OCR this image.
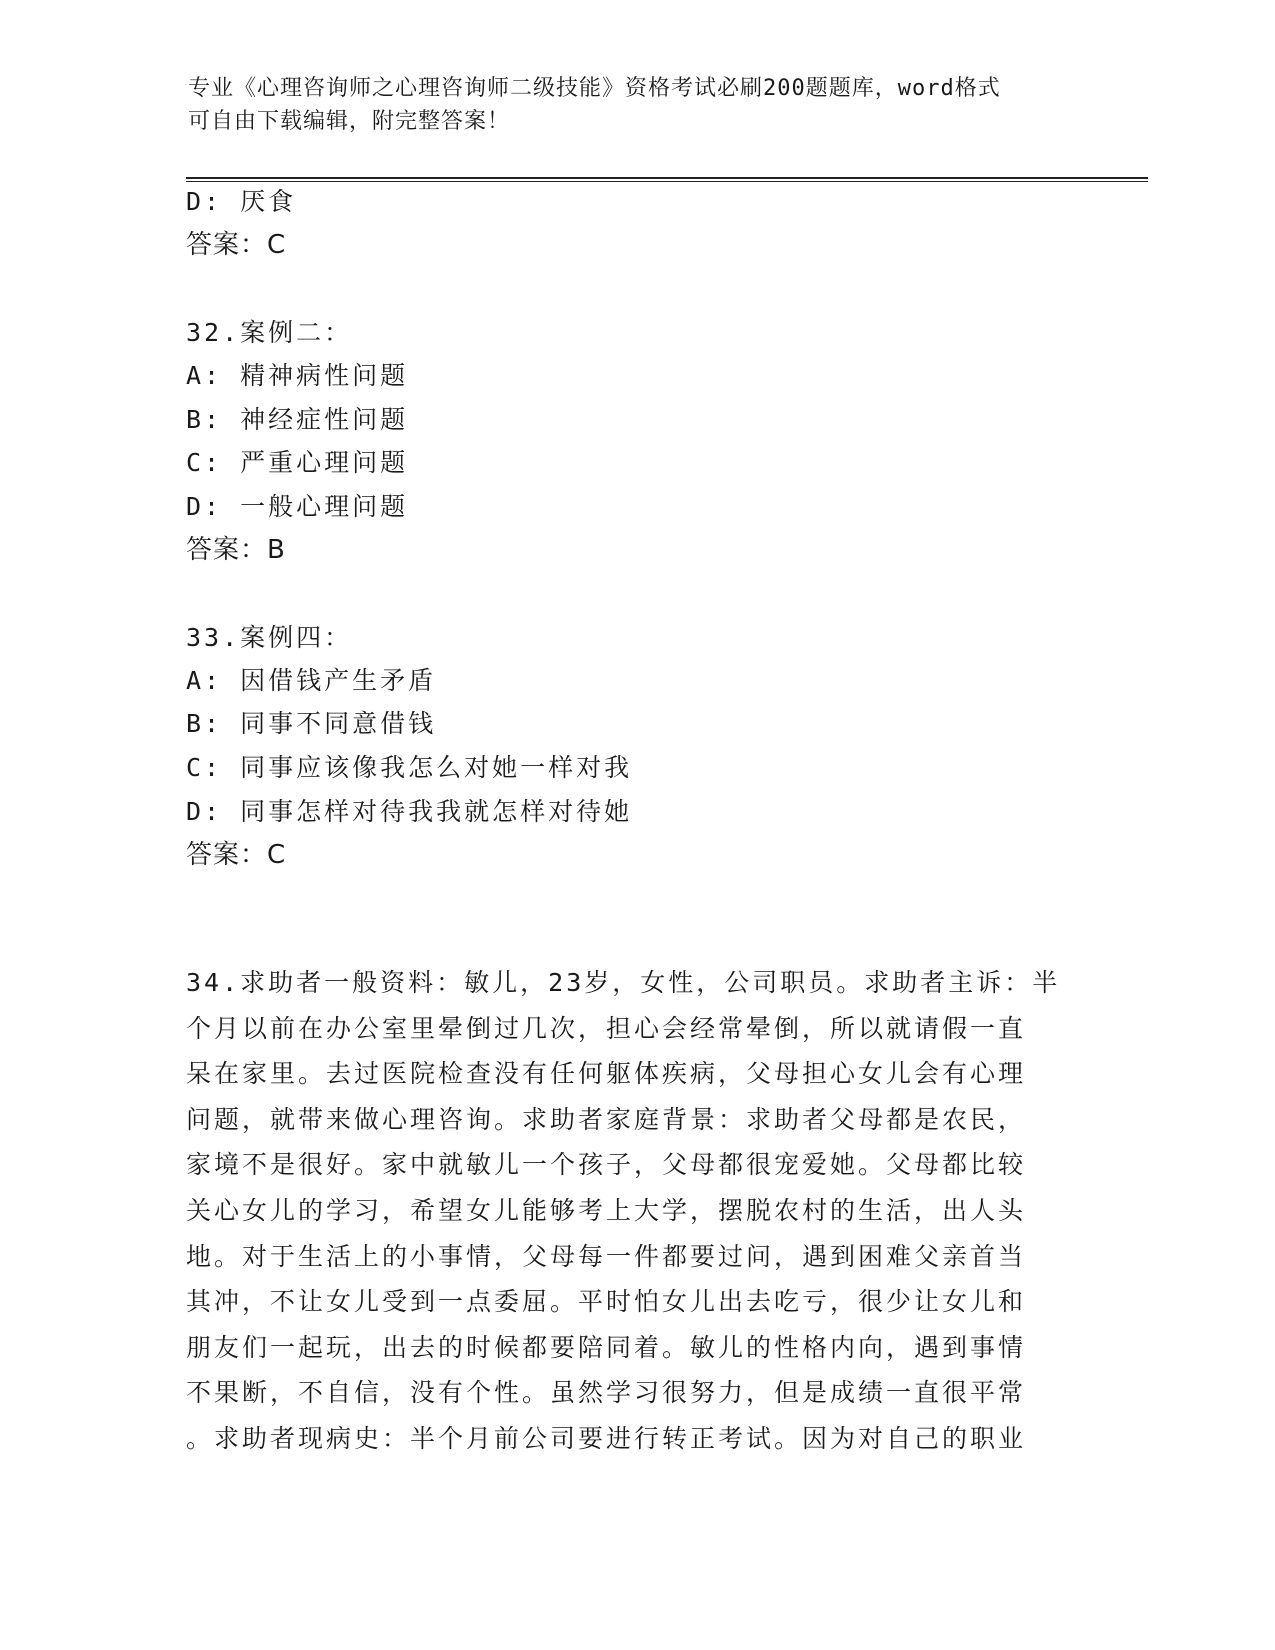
专业《心理咨询师之心理咨询师二级技能》资格考试必刷200题题库，word格式
可自由下载编辑，附完整答案！
D: 厌食
答案：C
32.案例二：
A: 精神病性问题
B: 神经症性问题
C: 严重心理问题
D: 一般心理问题
答案：B
33.案例四：
A: 因借钱产生矛盾
B: 同事不同意借钱
C: 同事应该像我怎么对她一样对我
D: 同事怎样对待我我就怎样对待她
答案：C
34.求助者一般资料：敏儿，23岁，女性，公司职员。求助者主诉：半
个月以前在办公室里晕倒过几次，担心会经常晕倒，所以就请假一直
呆在家里。去过医院检查没有任何躯体疾病，父母担心女儿会有心理
问题，就带来做心理咨询。求助者家庭背景：求助者父母都是农民，
家境不是很好。家中就敏儿一个孩子，父母都很宠爱她。父母都比较
关心女儿的学习，希望女儿能够考上大学，摆脱农村的生活，出人头
地。对于生活上的小事情，父母每一件都要过问，遇到困难父亲首当
其冲，不让女儿受到一点委屈。平时怕女儿出去吃亏，很少让女儿和
朋友们一起玩，出去的时候都要陪同着。敏儿的性格内向，遇到事情
不果断，不自信，没有个性。虽然学习很努力，但是成绩一直很平常
。求助者现病史：半个月前公司要进行转正考试。因为对自己的职业
